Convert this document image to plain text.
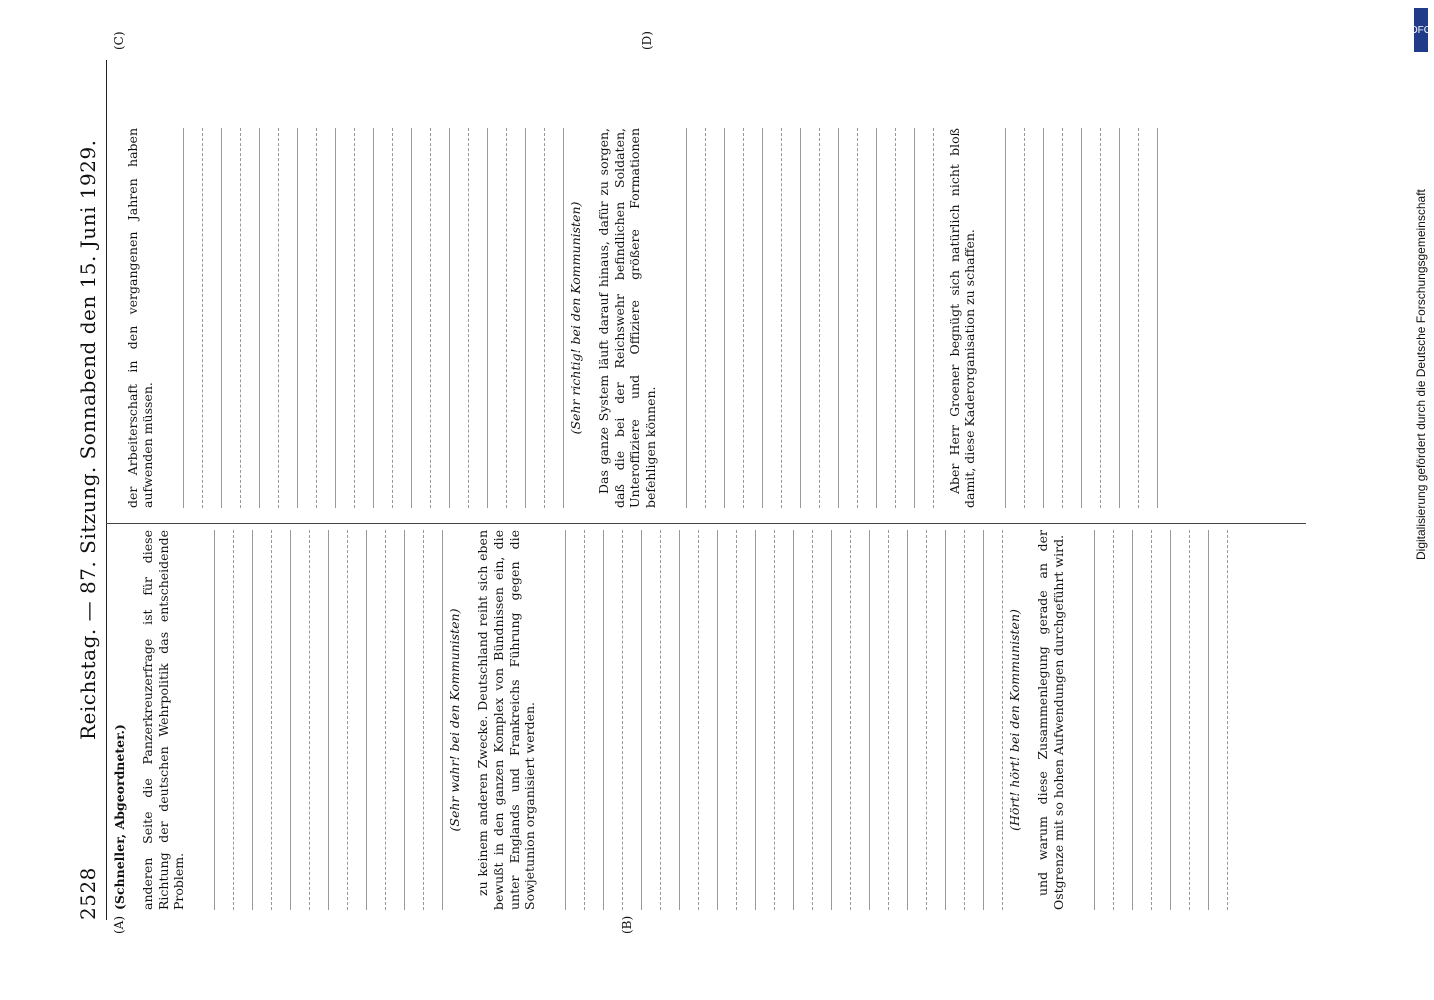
2528
Reichstag. — 87. Sitzung. Sonnabend den 15. Juni 1929.
(A)	(B)
(C)	(D)
(Schneller, Abgeordneter.) anderen Seite die Panzerkreuzerfrage ist für diese Richtung der deutschen Wehrpolitik das entscheidende Problem.

(Sehr wahr! bei den Kommunisten) zu keinem anderen Zwecke. Deutschland reiht sich eben bewußt in den ganzen Komplex von Bündnissen ein, die unter Englands und Frankreichs Führung gegen die Sowjetunion organisiert werden.	(Hört! hört! bei den Kommunisten) und warum diese Zusammenlegung gerade an der Ostgrenze mit so hohen Aufwendungen durchgeführt wird.

der Arbeiterschaft in den vergangenen Jahren haben aufwenden müssen.

(Sehr richtig! bei den Kommunisten) Das ganze System läuft darauf hinaus, dafür zu sorgen, daß die bei der Reichswehr befindlichen Soldaten, Unteroffiziere und Offiziere größere Formationen befehligen können.	Aber Herr Groener begnügt sich natürlich nicht bloß damit, diese Kaderorganisation zu schaffen.

DFG
Digitalisierung gefördert durch die Deutsche Forschungsgemeinschaft
